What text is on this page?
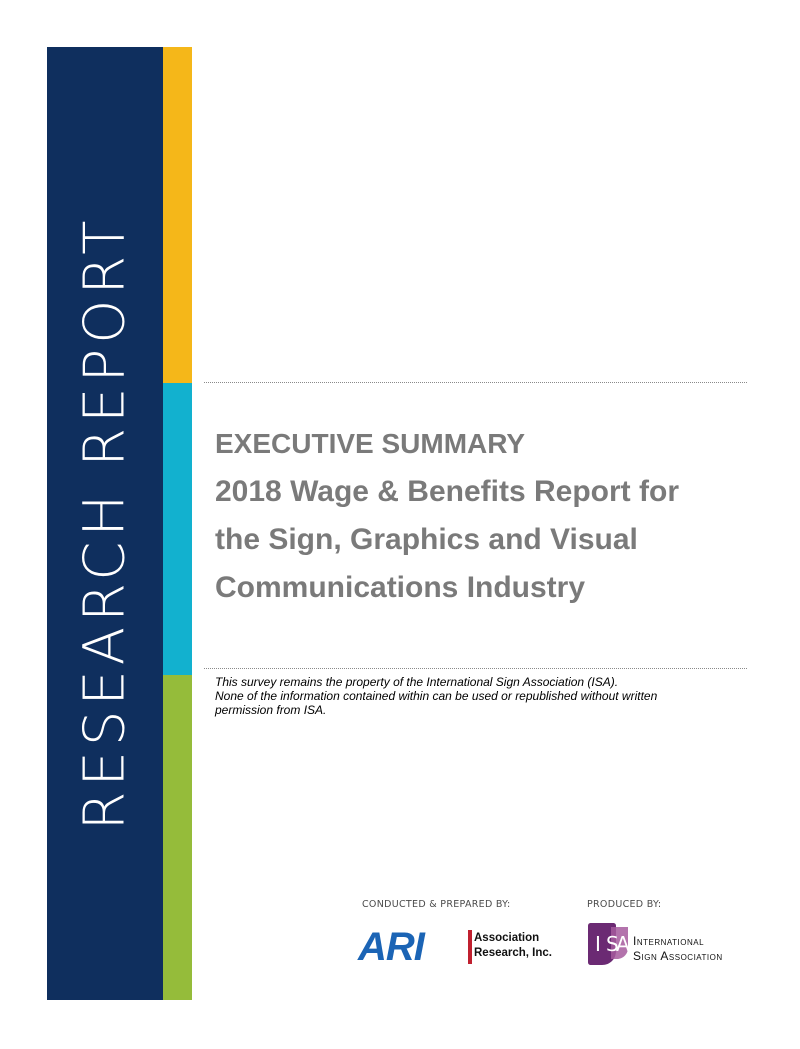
RESEARCH REPORT	EXECUTIVE SUMMARY
2018 Wage & Benefits Report for
the Sign, Graphics and Visual
Communications Industry
This survey remains the property of the International Sign Association (ISA).
None of the information contained within can be used or republished without written
permission from ISA.
CONDUCTED & PREPARED BY:	PRODUCED BY:
ARI	Association
Research, Inc. I S
A International
Sign Association
